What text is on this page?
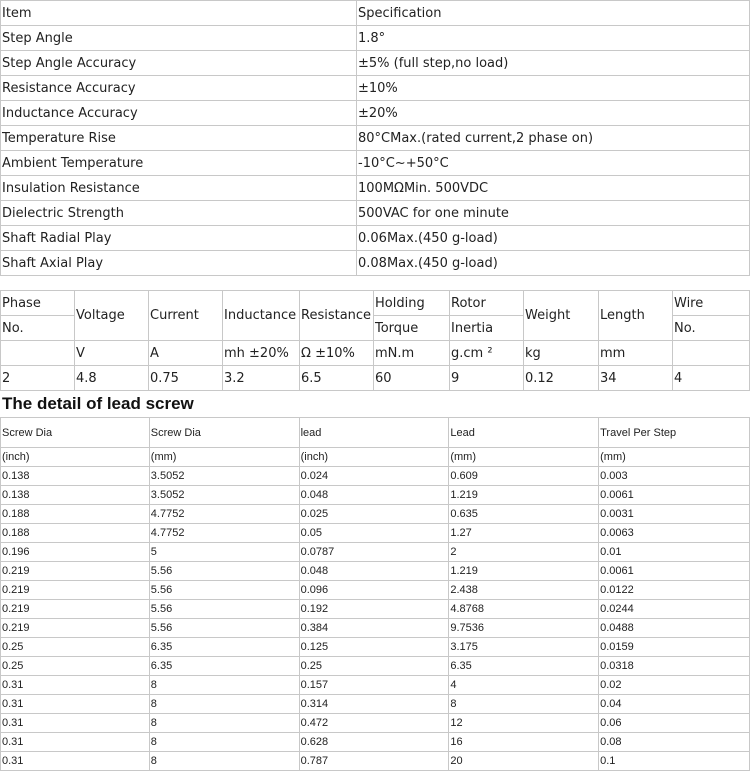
Item	Specification
Step Angle	1.8°
Step Angle Accuracy	±5% (full step,no load)
Resistance Accuracy	±10%
Inductance Accuracy	±20%
Temperature Rise	80°CMax.(rated current,2 phase on)
Ambient Temperature	-10°C~+50°C
Insulation Resistance	100MΩMin. 500VDC
Dielectric Strength	500VAC for one minute
Shaft Radial Play	0.06Max.(450 g-load)
Shaft Axial Play	0.08Max.(450 g-load)
Phase	Voltage	Current	Inductance	Resistance	Holding	Rotor	Weight	Length	Wire
No.					Torque	Inertia			No.
	V	A	mh ±20%	Ω ±10%	mN.m	g.cm ²	kg	mm	
2	4.8	0.75	3.2	6.5	60	9	0.12	34	4
The detail of lead screw
Screw Dia	Screw Dia	lead	Lead	Travel Per Step
(inch)	(mm)	(inch)	(mm)	(mm)
0.138	3.5052	0.024	0.609	0.003
0.138	3.5052	0.048	1.219	0.0061
0.188	4.7752	0.025	0.635	0.0031
0.188	4.7752	0.05	1.27	0.0063
0.196	5	0.0787	2	0.01
0.219	5.56	0.048	1.219	0.0061
0.219	5.56	0.096	2.438	0.0122
0.219	5.56	0.192	4.8768	0.0244
0.219	5.56	0.384	9.7536	0.0488
0.25	6.35	0.125	3.175	0.0159
0.25	6.35	0.25	6.35	0.0318
0.31	8	0.157	4	0.02
0.31	8	0.314	8	0.04
0.31	8	0.472	12	0.06
0.31	8	0.628	16	0.08
0.31	8	0.787	20	0.1
